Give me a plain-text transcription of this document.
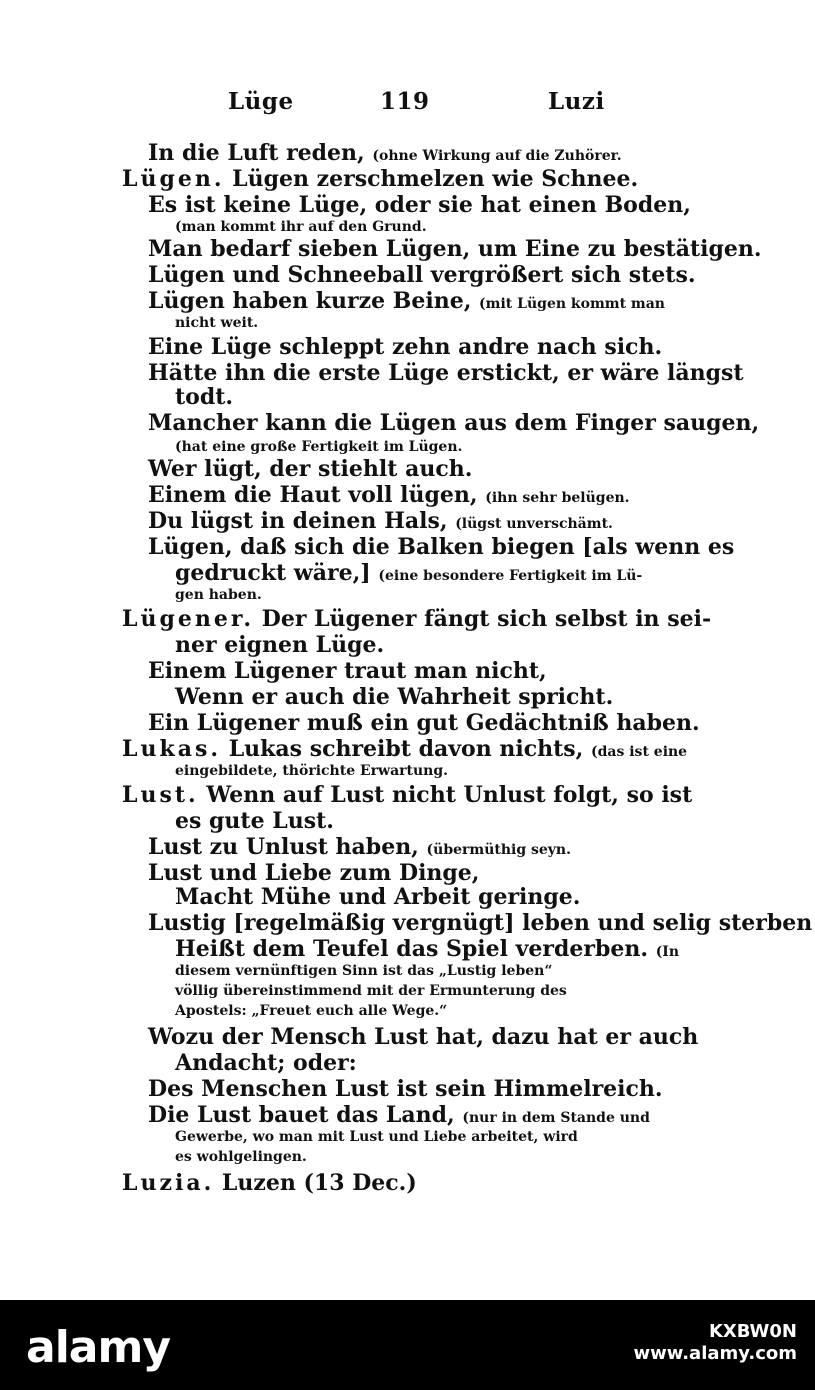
Lüge	119	Luzi
In die Luft reden, (ohne Wirkung auf die Zuhörer.
Lügen. Lügen zerschmelzen wie Schnee.
Es ist keine Lüge, oder sie hat einen Boden,
(man kommt ihr auf den Grund.
Man bedarf sieben Lügen, um Eine zu bestätigen.
Lügen und Schneeball vergrößert sich stets.
Lügen haben kurze Beine, (mit Lügen kommt man
nicht weit.
Eine Lüge schleppt zehn andre nach sich.
Hätte ihn die erste Lüge erstickt, er wäre längst
todt.
Mancher kann die Lügen aus dem Finger saugen,
(hat eine große Fertigkeit im Lügen.
Wer lügt, der stiehlt auch.
Einem die Haut voll lügen, (ihn sehr belügen.
Du lügst in deinen Hals, (lügst unverschämt.
Lügen, daß sich die Balken biegen [als wenn es
gedruckt wäre,] (eine besondere Fertigkeit im Lü-
gen haben.
Lügener. Der Lügener fängt sich selbst in sei-
ner eignen Lüge.
Einem Lügener traut man nicht,
Wenn er auch die Wahrheit spricht.
Ein Lügener muß ein gut Gedächtniß haben.
Lukas. Lukas schreibt davon nichts, (das ist eine
eingebildete, thörichte Erwartung.
Lust. Wenn auf Lust nicht Unlust folgt, so ist
es gute Lust.
Lust zu Unlust haben, (übermüthig seyn.
Lust und Liebe zum Dinge,
Macht Mühe und Arbeit geringe.
Lustig [regelmäßig vergnügt] leben und selig sterben
Heißt dem Teufel das Spiel verderben. (In
diesem vernünftigen Sinn ist das „Lustig leben“
völlig übereinstimmend mit der Ermunterung des
Apostels: „Freuet euch alle Wege.“
Wozu der Mensch Lust hat, dazu hat er auch
Andacht; oder:
Des Menschen Lust ist sein Himmelreich.
Die Lust bauet das Land, (nur in dem Stande und
Gewerbe, wo man mit Lust und Liebe arbeitet, wird
es wohlgelingen.
Luzia. Luzen (13 Dec.)
alamy	KXBW0N
www.alamy.com
